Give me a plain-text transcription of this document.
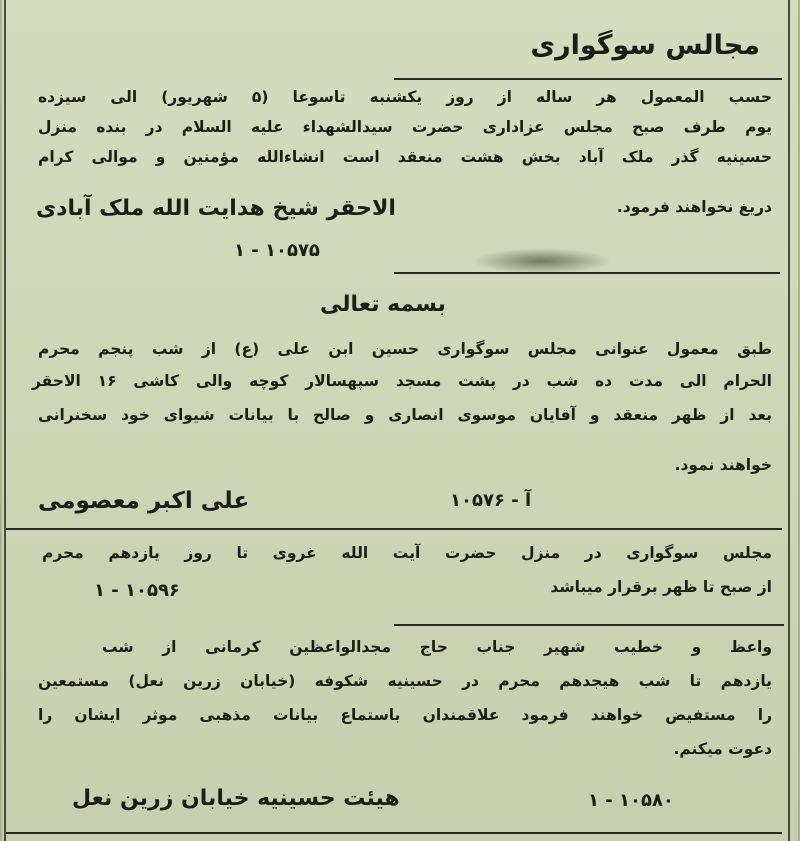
مجالس سوگواری
حسب المعمول هر ساله از روز یکشنبه تاسوعا (۵ شهریور) الی سیزده
یوم طرف صبح مجلس عزاداری حضرت سیدالشهداء علیه السلام در بنده منزل
حسینیه گذر ملک آباد بخش هشت منعقد است انشاءالله مؤمنین و موالی کرام
دریغ نخواهند فرمود.
الاحقر شیخ هدایت الله ملک آبادی
۱ - ۱۰۵۷۵
بسمه تعالی
طبق معمول عنوانی مجلس سوگواری حسین ابن علی (ع) از شب پنجم محرم
الحرام الی مدت ده شب در پشت مسجد سپهسالار کوچه والی کاشی ۱۶ الاحقر
بعد از ظهر منعقد و آقایان موسوی انصاری و صالح با بیانات شیوای خود سخنرانی
خواهند نمود.
آ - ۱۰۵۷۶
علی اکبر معصومی
مجلس سوگواری در منزل حضرت آیت الله غروی تا روز یازدهم محرم
از صبح تا ظهر برقرار میباشد
۱ - ۱۰۵۹۶
واعظ و خطیب شهیر جناب حاج مجدالواعظین کرمانی از شب
یازدهم تا شب هیجدهم محرم در حسینیه شکوفه (خیابان زرین نعل) مستمعین
را مستفیض خواهند فرمود علاقمندان باستماع بیانات مذهبی موثر ایشان را
دعوت میکنم.
۱ - ۱۰۵۸۰
هیئت حسینیه خیابان زرین نعل
